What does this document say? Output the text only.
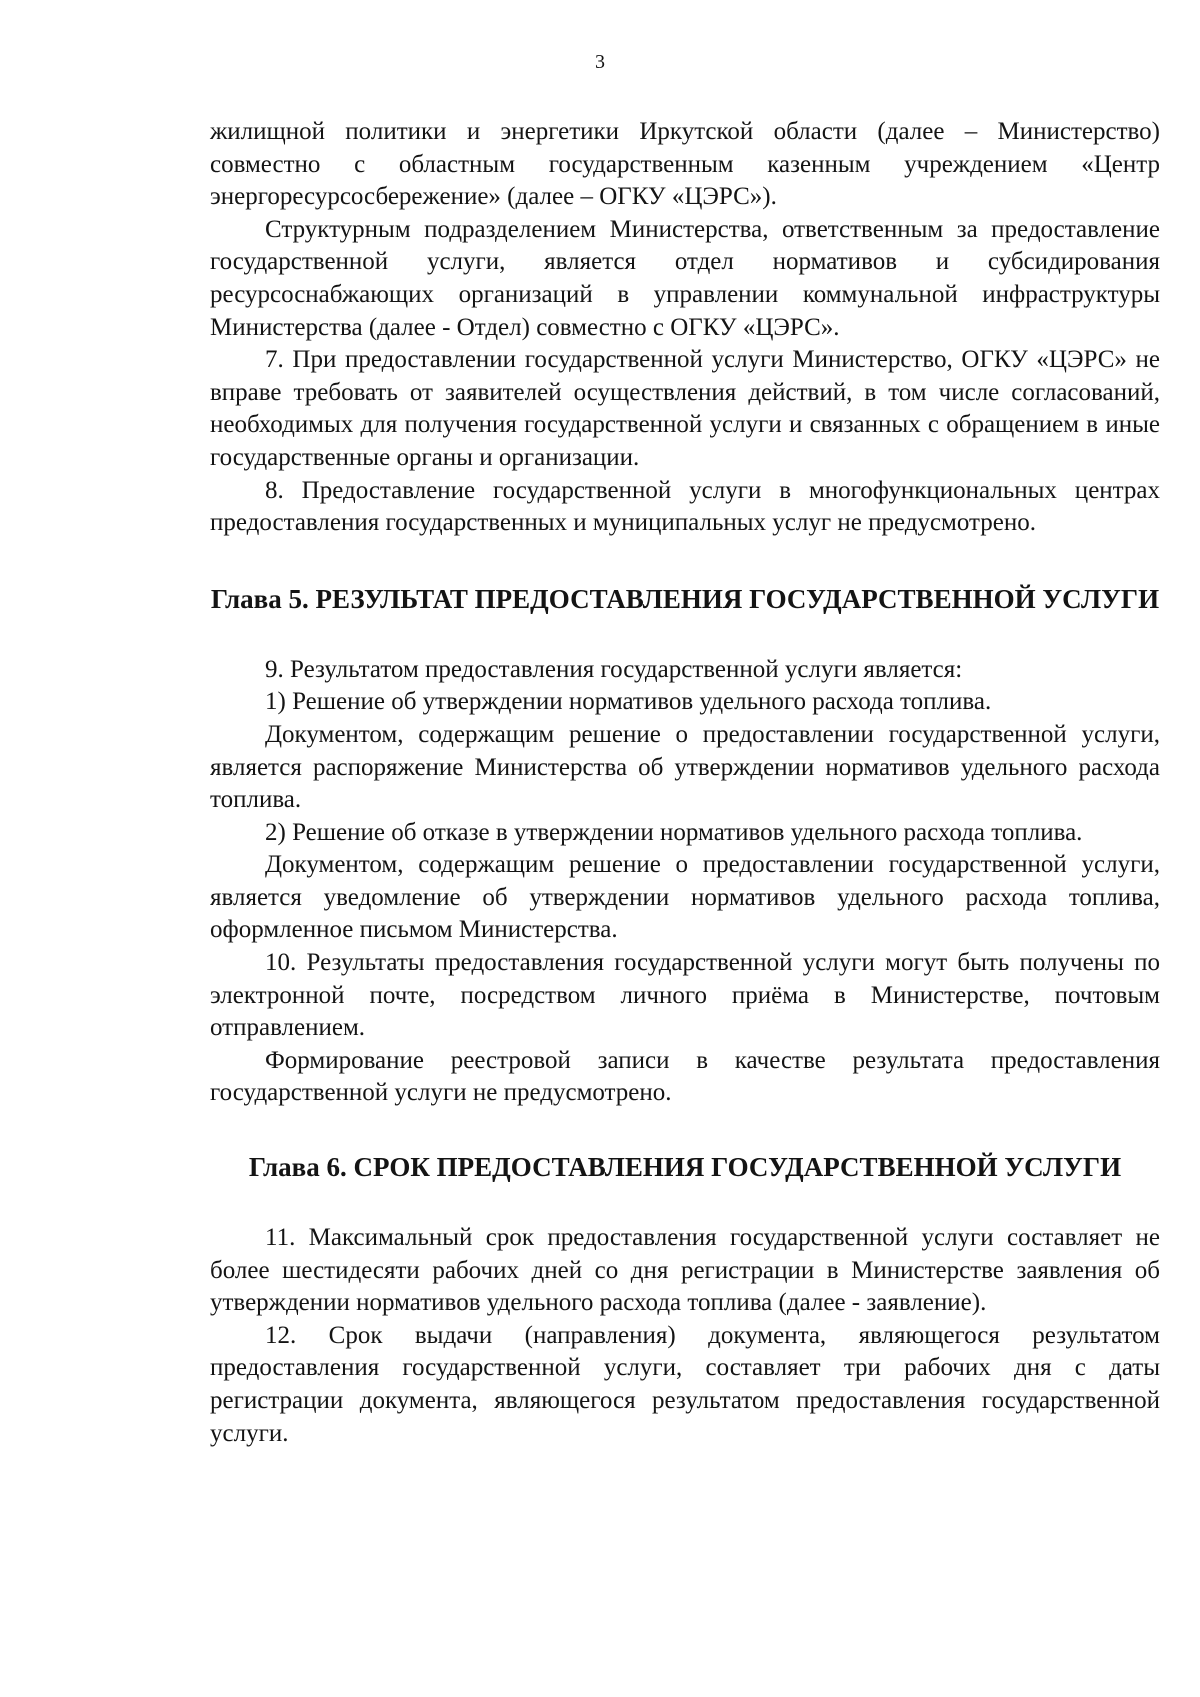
3

жилищной политики и энергетики Иркутской области (далее – Министерство) совместно с областным государственным казенным учреждением «Центр энергоресурсосбережение» (далее – ОГКУ «ЦЭРС»).

Структурным подразделением Министерства, ответственным за предоставление государственной услуги, является отдел нормативов и субсидирования ресурсоснабжающих организаций в управлении коммунальной инфраструктуры Министерства (далее - Отдел) совместно с ОГКУ «ЦЭРС».

7. При предоставлении государственной услуги Министерство, ОГКУ «ЦЭРС» не вправе требовать от заявителей осуществления действий, в том числе согласований, необходимых для получения государственной услуги и связанных с обращением в иные государственные органы и организации.

8. Предоставление государственной услуги в многофункциональных центрах предоставления государственных и муниципальных услуг не предусмотрено.

Глава 5. РЕЗУЛЬТАТ ПРЕДОСТАВЛЕНИЯ ГОСУДАРСТВЕННОЙ УСЛУГИ

9. Результатом предоставления государственной услуги является:

1) Решение об утверждении нормативов удельного расхода топлива.

Документом, содержащим решение о предоставлении государственной услуги, является распоряжение Министерства об утверждении нормативов удельного расхода топлива.

2) Решение об отказе в утверждении нормативов удельного расхода топлива.

Документом, содержащим решение о предоставлении государственной услуги, является уведомление об утверждении нормативов удельного расхода топлива, оформленное письмом Министерства.

10. Результаты предоставления государственной услуги могут быть получены по электронной почте, посредством личного приёма в Министерстве, почтовым отправлением.

Формирование реестровой записи в качестве результата предоставления государственной услуги не предусмотрено.

Глава 6. СРОК ПРЕДОСТАВЛЕНИЯ ГОСУДАРСТВЕННОЙ УСЛУГИ

11. Максимальный срок предоставления государственной услуги составляет не более шестидесяти рабочих дней со дня регистрации в Министерстве заявления об утверждении нормативов удельного расхода топлива (далее - заявление).

12. Срок выдачи (направления) документа, являющегося результатом предоставления государственной услуги, составляет три рабочих дня с даты регистрации документа, являющегося результатом предоставления государственной услуги.
